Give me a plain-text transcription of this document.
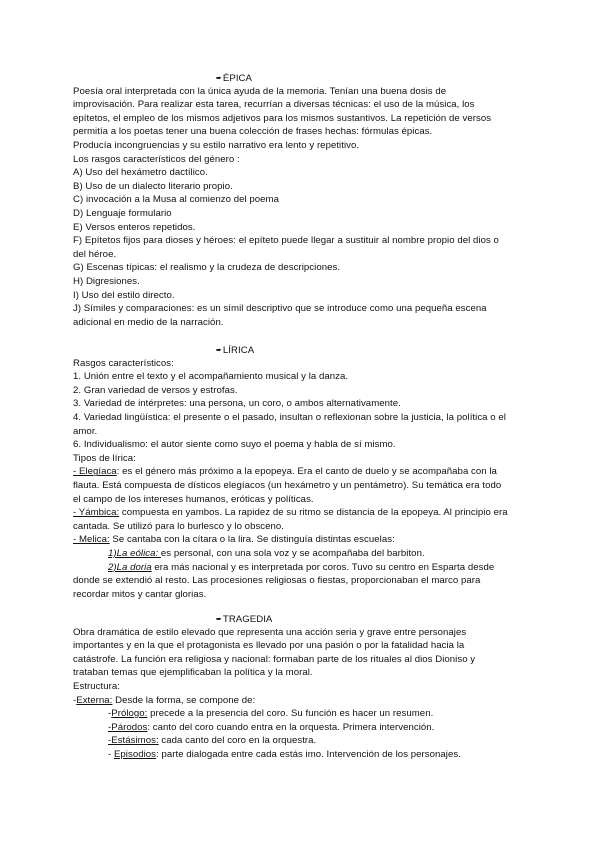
➨ÉPICA
Poesía oral interpretada con la única ayuda de la memoria. Tenían una buena dosis de
improvisación. Para realizar esta tarea, recurrían a diversas técnicas: el uso de la música, los
epítetos, el empleo de los mismos adjetivos para los mismos sustantivos. La repetición de versos
permitía a los poetas tener una buena colección de frases hechas: fórmulas épicas.
Producía incongruencias y su estilo narrativo era lento y repetitivo.
Los rasgos característicos del género :
A) Uso del hexámetro dactílico.
B) Uso de un dialecto literario propio.
C) invocación a la Musa al comienzo del poema
D) Lenguaje formulario
E) Versos enteros repetidos.
F) Epítetos fijos para dioses y héroes: el epíteto puede llegar a sustituir al nombre propio del dios o
del héroe.
G) Escenas típicas: el realismo y la crudeza de descripciones.
H) Digresiones.
I) Uso del estilo directo.
J) Símiles y comparaciones: es un símil descriptivo que se introduce como una pequeña escena
adicional en medio de la narración.
➨LÍRICA
Rasgos característicos:
1. Unión entre el texto y el acompañamiento musical y la danza.
2. Gran variedad de versos y estrofas.
3. Variedad de intérpretes: una persona, un coro, o ambos alternativamente.
4. Variedad lingüística: el presente o el pasado, insultan o reflexionan sobre la justicia, la política o el
amor.
6. Individualismo: el autor siente como suyo el poema y habla de sí mismo.
Tipos de lírica:
- Elegíaca: es el género más próximo a la epopeya. Era el canto de duelo y se acompañaba con la
flauta. Está compuesta de dísticos elegíacos (un hexámetro y un pentámetro). Su temática era todo
el campo de los intereses humanos, eróticas y políticas.
- Yámbica: compuesta en yambos. La rapidez de su ritmo se distancia de la epopeya. Al principio era
cantada. Se utilizó para lo burlesco y lo obsceno.
- Melica: Se cantaba con la cítara o la lira. Se distinguía distintas escuelas:
1)La eólica: es personal, con una sola voz y se acompañaba del barbiton.
2)La doria era más nacional y es interpretada por coros. Tuvo su centro en Esparta desde
donde se extendió al resto. Las procesiones religiosas o fiestas, proporcionaban el marco para
recordar mitos y cantar glorias.
➨TRAGEDIA
Obra dramática de estilo elevado que representa una acción seria y grave entre personajes
importantes y en la que el protagonista es llevado por una pasión o por la fatalidad hacia la
catástrofe. La función era religiosa y nacional: formaban parte de los rituales al dios Dioniso y
trataban temas que ejemplificaban la política y la moral.
Estructura:
-Externa: Desde la forma, se compone de:
-Prólogo: precede a la presencia del coro. Su función es hacer un resumen.
-Párodos: canto del coro cuando entra en la orquesta. Primera intervención.
-Estásimos: cada canto del coro en la orquestra.
- Episodios: parte dialogada entre cada estás imo. Intervención de los personajes.
